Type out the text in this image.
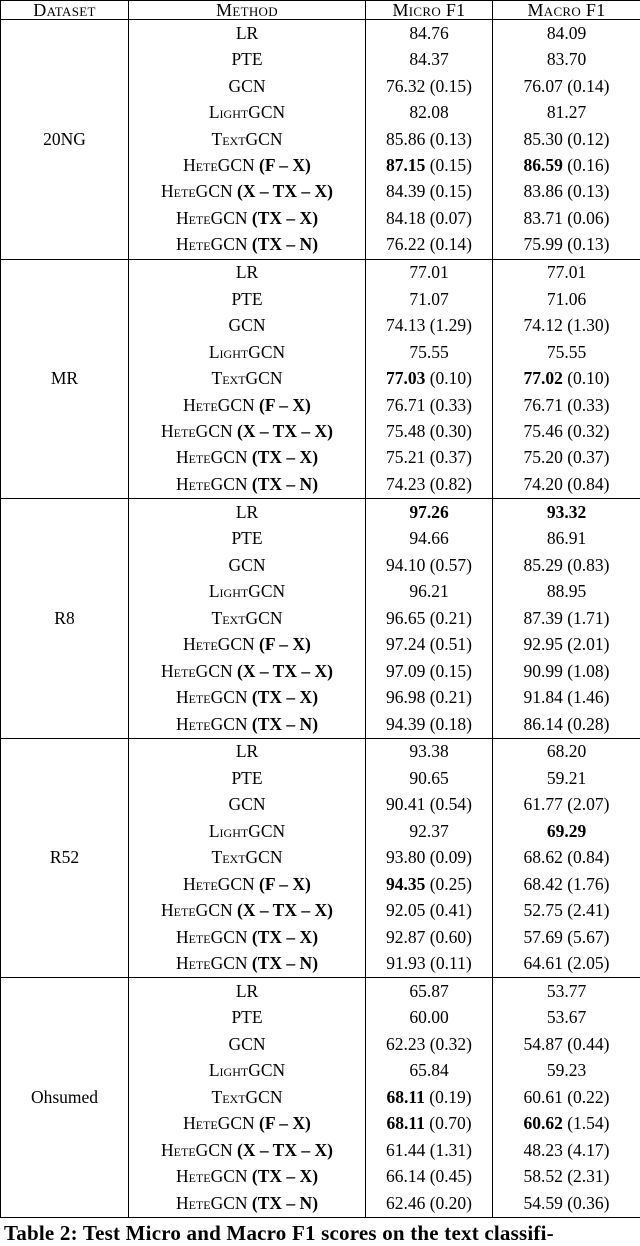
Dataset	Method	Micro F1	Macro F1
20NG	LR	84.76	84.09
	PTE	84.37	83.70
	GCN	76.32 (0.15)	76.07 (0.14)
	LightGCN	82.08	81.27
	TextGCN	85.86 (0.13)	85.30 (0.12)
	HeteGCN (F – X)	87.15 (0.15)	86.59 (0.16)
	HeteGCN (X – TX – X)	84.39 (0.15)	83.86 (0.13)
	HeteGCN (TX – X)	84.18 (0.07)	83.71 (0.06)
	HeteGCN (TX – N)	76.22 (0.14)	75.99 (0.13)
MR	LR	77.01	77.01
	PTE	71.07	71.06
	GCN	74.13 (1.29)	74.12 (1.30)
	LightGCN	75.55	75.55
	TextGCN	77.03 (0.10)	77.02 (0.10)
	HeteGCN (F – X)	76.71 (0.33)	76.71 (0.33)
	HeteGCN (X – TX – X)	75.48 (0.30)	75.46 (0.32)
	HeteGCN (TX – X)	75.21 (0.37)	75.20 (0.37)
	HeteGCN (TX – N)	74.23 (0.82)	74.20 (0.84)
R8	LR	97.26	93.32
	PTE	94.66	86.91
	GCN	94.10 (0.57)	85.29 (0.83)
	LightGCN	96.21	88.95
	TextGCN	96.65 (0.21)	87.39 (1.71)
	HeteGCN (F – X)	97.24 (0.51)	92.95 (2.01)
	HeteGCN (X – TX – X)	97.09 (0.15)	90.99 (1.08)
	HeteGCN (TX – X)	96.98 (0.21)	91.84 (1.46)
	HeteGCN (TX – N)	94.39 (0.18)	86.14 (0.28)
R52	LR	93.38	68.20
	PTE	90.65	59.21
	GCN	90.41 (0.54)	61.77 (2.07)
	LightGCN	92.37	69.29
	TextGCN	93.80 (0.09)	68.62 (0.84)
	HeteGCN (F – X)	94.35 (0.25)	68.42 (1.76)
	HeteGCN (X – TX – X)	92.05 (0.41)	52.75 (2.41)
	HeteGCN (TX – X)	92.87 (0.60)	57.69 (5.67)
	HeteGCN (TX – N)	91.93 (0.11)	64.61 (2.05)
Ohsumed	LR	65.87	53.77
	PTE	60.00	53.67
	GCN	62.23 (0.32)	54.87 (0.44)
	LightGCN	65.84	59.23
	TextGCN	68.11 (0.19)	60.61 (0.22)
	HeteGCN (F – X)	68.11 (0.70)	60.62 (1.54)
	HeteGCN (X – TX – X)	61.44 (1.31)	48.23 (4.17)
	HeteGCN (TX – X)	66.14 (0.45)	58.52 (2.31)
	HeteGCN (TX – N)	62.46 (0.20)	54.59 (0.36)
Table 2: Test Micro and Macro F1 scores on the text classifi-
